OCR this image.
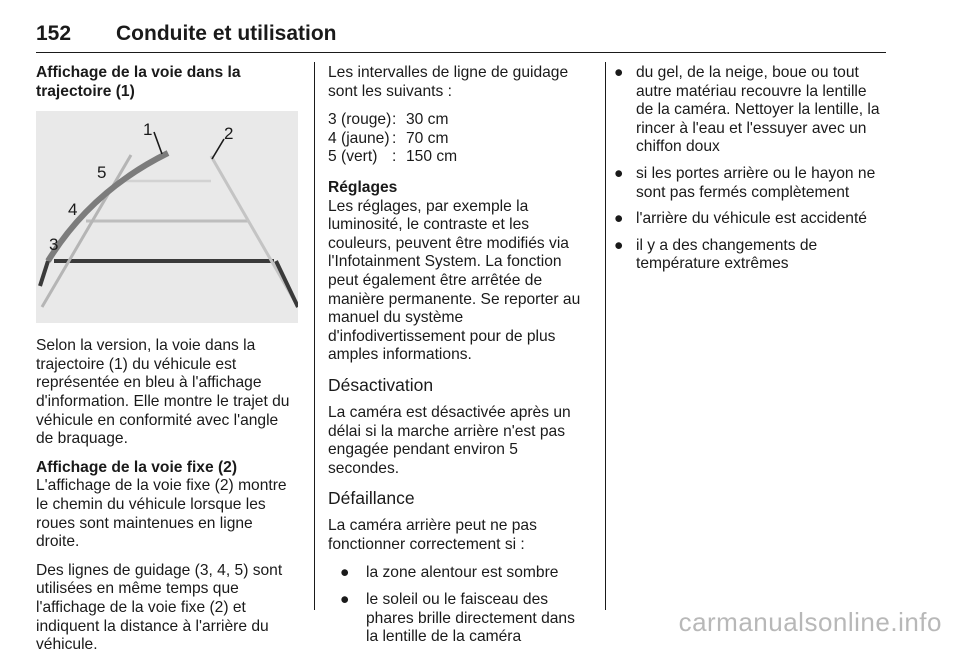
152 Conduite et utilisation

Affichage de la voie dans la trajectoire (1)

1	2
3
4
5

Selon la version, la voie dans la trajectoire (1) du véhicule est représentée en bleu à l'affichage d'information. Elle montre le trajet du véhicule en conformité avec l'angle de braquage.

Affichage de la voie fixe (2)

L'affichage de la voie fixe (2) montre le chemin du véhicule lorsque les roues sont maintenues en ligne droite.

Des lignes de guidage (3, 4, 5) sont utilisées en même temps que l'affichage de la voie fixe (2) et indiquent la distance à l'arrière du véhicule.

Les intervalles de ligne de guidage sont les suivants :

3 (rouge)	:	30 cm
4 (jaune)	:	70 cm
5 (vert)	:	150 cm

Réglages

Les réglages, par exemple la luminosité, le contraste et les couleurs, peuvent être modifiés via l'Infotainment System. La fonction peut également être arrêtée de manière permanente. Se reporter au manuel du système d'infodivertissement pour de plus amples informations.

Désactivation

La caméra est désactivée après un délai si la marche arrière n'est pas engagée pendant environ 5 secondes.

Défaillance

La caméra arrière peut ne pas fonctionner correctement si :

● la zone alentour est sombre
● le soleil ou le faisceau des phares brille directement dans la lentille de la caméra
● du gel, de la neige, boue ou tout autre matériau recouvre la lentille de la caméra. Nettoyer la lentille, la rincer à l'eau et l'essuyer avec un chiffon doux
● si les portes arrière ou le hayon ne sont pas fermés complètement
● l'arrière du véhicule est accidenté
● il y a des changements de température extrêmes
carmanualsonline.info
